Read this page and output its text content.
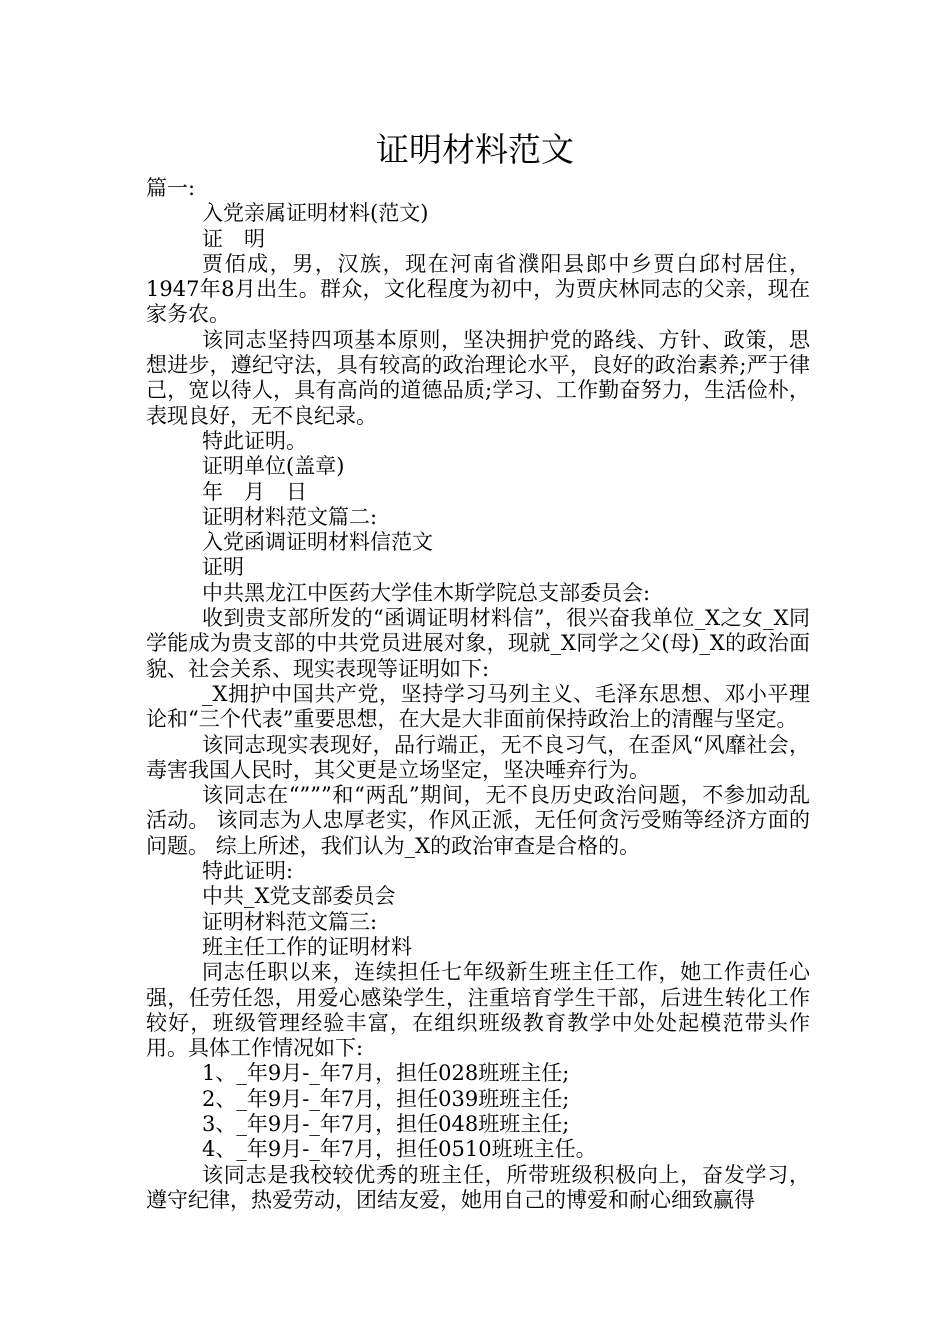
证明材料范文

篇一:

入党亲属证明材料(范文)

证　明

贾佰成，男，汉族，现在河南省濮阳县郎中乡贾白邱村居住，1947年8月出生。群众，文化程度为初中，为贾庆林同志的父亲，现在家务农。

该同志坚持四项基本原则，坚决拥护党的路线、方针、政策，思想进步，遵纪守法，具有较高的政治理论水平，良好的政治素养;严于律己，宽以待人，具有高尚的道德品质;学习、工作勤奋努力，生活俭朴，表现良好，无不良纪录。

特此证明。

证明单位(盖章)

年　月　日

证明材料范文篇二:

入党函调证明材料信范文

证明

中共黑龙江中医药大学佳木斯学院总支部委员会:

收到贵支部所发的“函调证明材料信”，很兴奋我单位_X之女_X同学能成为贵支部的中共党员进展对象，现就_X同学之父(母)_X的政治面貌、社会关系、现实表现等证明如下:

_X拥护中国共产党，坚持学习马列主义、毛泽东思想、邓小平理论和“三个代表”重要思想，在大是大非面前保持政治上的清醒与坚定。

该同志现实表现好，品行端正，无不良习气，在歪风“风靡社会，毒害我国人民时，其父更是立场坚定，坚决唾弃行为。

该同志在“”””和“两乱”期间，无不良历史政治问题，不参加动乱活动。 该同志为人忠厚老实，作风正派，无任何贪污受贿等经济方面的问题。 综上所述，我们认为_X的政治审查是合格的。

特此证明:

中共_X党支部委员会

证明材料范文篇三:

班主任工作的证明材料

同志任职以来，连续担任七年级新生班主任工作，她工作责任心强，任劳任怨，用爱心感染学生，注重培育学生干部，后进生转化工作较好，班级管理经验丰富，在组织班级教育教学中处处起模范带头作用。具体工作情况如下:

1、_年9月-_年7月，担任028班班主任;

2、_年9月-_年7月，担任039班班主任;

3、_年9月-_年7月，担任048班班主任;

4、_年9月-_年7月，担任0510班班主任。

该同志是我校较优秀的班主任，所带班级积极向上，奋发学习，遵守纪律，热爱劳动，团结友爱，她用自己的博爱和耐心细致赢得
